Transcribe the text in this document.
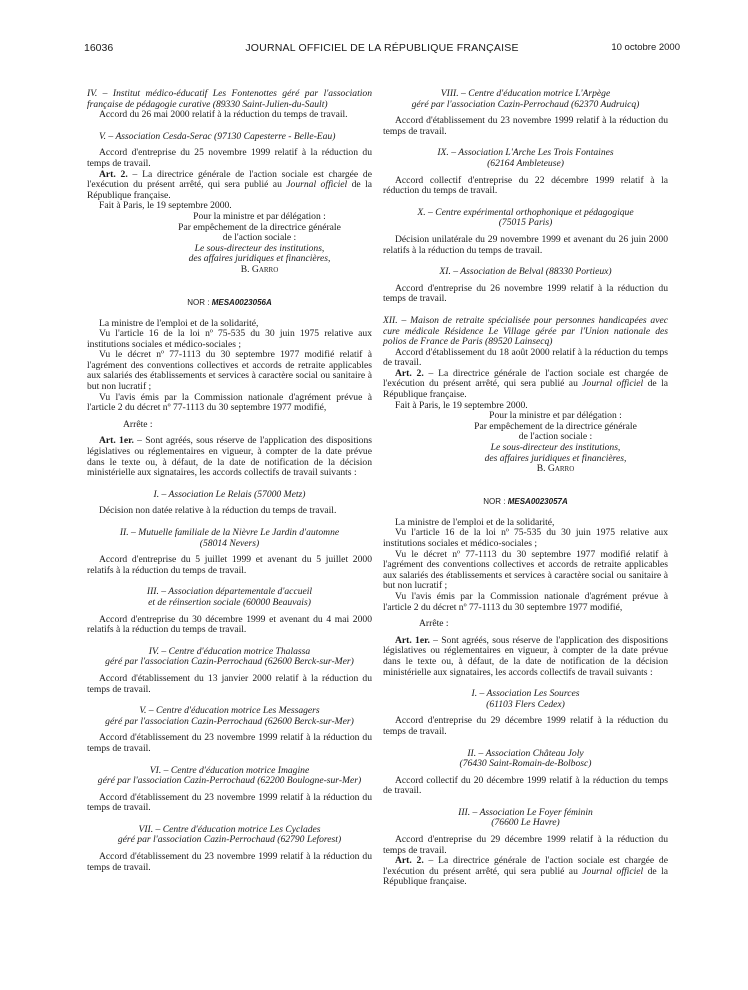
16036	JOURNAL OFFICIEL DE LA RÉPUBLIQUE FRANÇAISE	10 octobre 2000

IV. – Institut médico-éducatif Les Fontenottes géré par l'association française de pédagogie curative (89330 Saint-Julien-du-Sault)

Accord du 26 mai 2000 relatif à la réduction du temps de travail.

V. – Association Cesda-Serac (97130 Capesterre - Belle-Eau)

Accord d'entreprise du 25 novembre 1999 relatif à la réduction du temps de travail.

Art. 2. – La directrice générale de l'action sociale est chargée de l'exécution du présent arrêté, qui sera publié au Journal officiel de la République française.

Fait à Paris, le 19 septembre 2000.

Pour la ministre et par délégation :
Par empêchement de la directrice générale
de l'action sociale :
Le sous-directeur des institutions,
des affaires juridiques et financières,
B. Garro

NOR : MESA0023056A

La ministre de l'emploi et de la solidarité,

Vu l'article 16 de la loi nº 75-535 du 30 juin 1975 relative aux institutions sociales et médico-sociales ;

Vu le décret nº 77-1113 du 30 septembre 1977 modifié relatif à l'agrément des conventions collectives et accords de retraite applicables aux salariés des établissements et services à caractère social ou sanitaire à but non lucratif ;

Vu l'avis émis par la Commission nationale d'agrément prévue à l'article 2 du décret nº 77-1113 du 30 septembre 1977 modifié,

Arrête :

Art. 1er. – Sont agréés, sous réserve de l'application des dispositions législatives ou réglementaires en vigueur, à compter de la date prévue dans le texte ou, à défaut, de la date de notification de la décision ministérielle aux signataires, les accords collectifs de travail suivants :

I. – Association Le Relais (57000 Metz)

Décision non datée relative à la réduction du temps de travail.

II. – Mutuelle familiale de la Nièvre Le Jardin d'automne

(58014 Nevers)

Accord d'entreprise du 5 juillet 1999 et avenant du 5 juillet 2000 relatifs à la réduction du temps de travail.

III. – Association départementale d'accueil

et de réinsertion sociale (60000 Beauvais)

Accord d'entreprise du 30 décembre 1999 et avenant du 4 mai 2000 relatifs à la réduction du temps de travail.

IV. – Centre d'éducation motrice Thalassa

géré par l'association Cazin-Perrochaud (62600 Berck-sur-Mer)

Accord d'établissement du 13 janvier 2000 relatif à la réduction du temps de travail.

V. – Centre d'éducation motrice Les Messagers

géré par l'association Cazin-Perrochaud (62600 Berck-sur-Mer)

Accord d'établissement du 23 novembre 1999 relatif à la réduction du temps de travail.

VI. – Centre d'éducation motrice Imagine

géré par l'association Cazin-Perrochaud (62200 Boulogne-sur-Mer)

Accord d'établissement du 23 novembre 1999 relatif à la réduction du temps de travail.

VII. – Centre d'éducation motrice Les Cyclades

géré par l'association Cazin-Perrochaud (62790 Leforest)

Accord d'établissement du 23 novembre 1999 relatif à la réduction du temps de travail.

VIII. – Centre d'éducation motrice L'Arpège

géré par l'association Cazin-Perrochaud (62370 Audruicq)

Accord d'établissement du 23 novembre 1999 relatif à la réduction du temps de travail.

IX. – Association L'Arche Les Trois Fontaines

(62164 Ambleteuse)

Accord collectif d'entreprise du 22 décembre 1999 relatif à la réduction du temps de travail.

X. – Centre expérimental orthophonique et pédagogique

(75015 Paris)

Décision unilatérale du 29 novembre 1999 et avenant du 26 juin 2000 relatifs à la réduction du temps de travail.

XI. – Association de Belval (88330 Portieux)

Accord d'entreprise du 26 novembre 1999 relatif à la réduction du temps de travail.

XII. – Maison de retraite spécialisée pour personnes handicapées avec cure médicale Résidence Le Village gérée par l'Union nationale des polios de France de Paris (89520 Lainsecq)

Accord d'établissement du 18 août 2000 relatif à la réduction du temps de travail.

Art. 2. – La directrice générale de l'action sociale est chargée de l'exécution du présent arrêté, qui sera publié au Journal officiel de la République française.

Fait à Paris, le 19 septembre 2000.

Pour la ministre et par délégation :
Par empêchement de la directrice générale
de l'action sociale :
Le sous-directeur des institutions,
des affaires juridiques et financières,
B. Garro

NOR : MESA0023057A

La ministre de l'emploi et de la solidarité,

Vu l'article 16 de la loi nº 75-535 du 30 juin 1975 relative aux institutions sociales et médico-sociales ;

Vu le décret nº 77-1113 du 30 septembre 1977 modifié relatif à l'agrément des conventions collectives et accords de retraite applicables aux salariés des établissements et services à caractère social ou sanitaire à but non lucratif ;

Vu l'avis émis par la Commission nationale d'agrément prévue à l'article 2 du décret nº 77-1113 du 30 septembre 1977 modifié,

Arrête :

Art. 1er. – Sont agréés, sous réserve de l'application des dispositions législatives ou réglementaires en vigueur, à compter de la date prévue dans le texte ou, à défaut, de la date de notification de la décision ministérielle aux signataires, les accords collectifs de travail suivants :

I. – Association Les Sources

(61103 Flers Cedex)

Accord d'entreprise du 29 décembre 1999 relatif à la réduction du temps de travail.

II. – Association Château Joly

(76430 Saint-Romain-de-Bolbosc)

Accord collectif du 20 décembre 1999 relatif à la réduction du temps de travail.

III. – Association Le Foyer féminin

(76600 Le Havre)

Accord d'entreprise du 29 décembre 1999 relatif à la réduction du temps de travail.

Art. 2. – La directrice générale de l'action sociale est chargée de l'exécution du présent arrêté, qui sera publié au Journal officiel de la République française.
